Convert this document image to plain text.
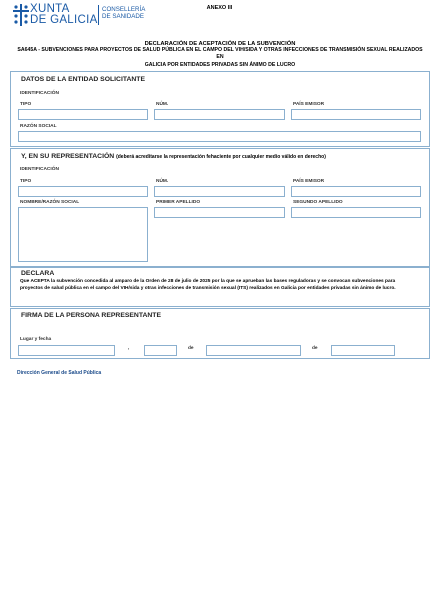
XUNTA
DE GALICIA
CONSELLERÍA
DE SANIDADE
ANEXO III
DECLARACIÓN DE ACEPTACIÓN DE LA SUBVENCIÓN
SA645A - SUBVENCIONES PARA PROYECTOS DE SALUD PÚBLICA EN EL CAMPO DEL VIH/SIDA Y OTRAS INFECCIONES DE TRANSMISIÓN SEXUAL REALIZADOS EN
GALICIA POR ENTIDADES PRIVADAS SIN ÁNIMO DE LUCRO
DATOS DE LA ENTIDAD SOLICITANTE
IDENTIFICACIÓN
TIPO	NÚM.	PAÍS EMISOR
RAZÓN SOCIAL
Y, EN SU REPRESENTACIÓN (deberá acreditarse la representación fehaciente por cualquier medio válido en derecho)
IDENTIFICACIÓN
TIPO	NÚM.	PAÍS EMISOR
NOMBRE/RAZÓN SOCIAL	PRIMER APELLIDO	SEGUNDO APELLIDO
DECLARA
Que ACEPTA la subvención concedida al amparo de la Orden de 28 de julio de 2025 por la que se aprueban las bases reguladoras y se convocan subvenciones para
proyectos de salud pública en el campo del VIH/sida y otras infecciones de transmisión sexual (ITS) realizados en Galicia por entidades privadas sin ánimo de lucro.
FIRMA DE LA PERSONA REPRESENTANTE
Lugar y fecha
,	de	de
Dirección General de Salud Pública
